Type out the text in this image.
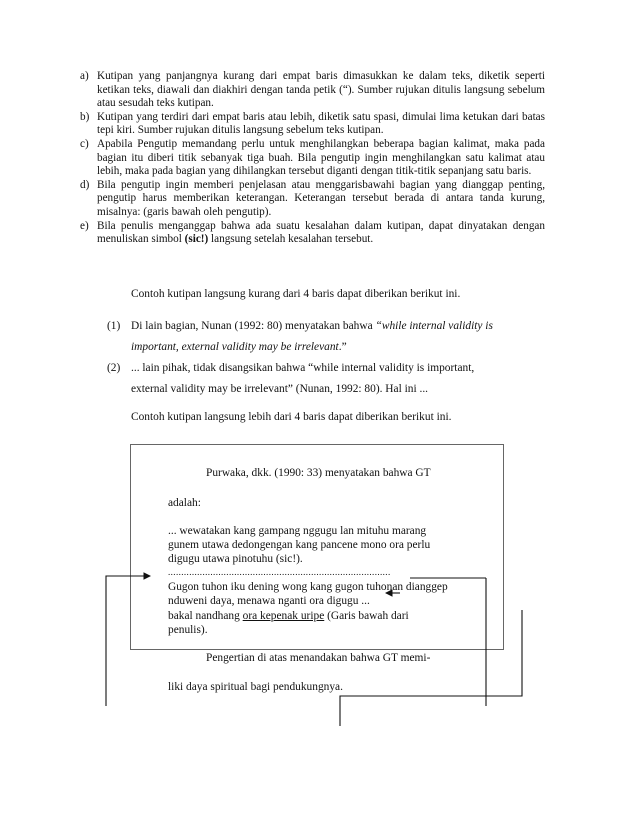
a) Kutipan yang panjangnya kurang dari empat baris dimasukkan ke dalam teks, diketik seperti ketikan teks, diawali dan diakhiri dengan tanda petik (“). Sumber rujukan ditulis langsung sebelum atau sesudah teks kutipan.

b) Kutipan yang terdiri dari empat baris atau lebih, diketik satu spasi, dimulai lima ketukan dari batas tepi kiri. Sumber rujukan ditulis langsung sebelum teks kutipan.

c) Apabila Pengutip memandang perlu untuk menghilangkan beberapa bagian kalimat, maka pada bagian itu diberi titik sebanyak tiga buah. Bila pengutip ingin menghilangkan satu kalimat atau lebih, maka pada bagian yang dihilangkan tersebut diganti dengan titik-titik sepanjang satu baris.

d) Bila pengutip ingin memberi penjelasan atau menggarisbawahi bagian yang dianggap penting, pengutip harus memberikan keterangan. Keterangan tersebut berada di antara tanda kurung, misalnya: (garis bawah oleh pengutip).

e) Bila penulis menganggap bahwa ada suatu kesalahan dalam kutipan, dapat dinyatakan dengan menuliskan simbol (sic!) langsung setelah kesalahan tersebut.

Contoh kutipan langsung kurang dari 4 baris dapat diberikan berikut ini.
(1) Di lain bagian, Nunan (1992: 80) menyatakan bahwa “while internal validity is
important, external validity may be irrelevant.”
(2) ... lain pihak, tidak disangsikan bahwa “while internal validity is important,
external validity may be irrelevant” (Nunan, 1992: 80). Hal ini ...
Contoh kutipan langsung lebih dari 4 baris dapat diberikan berikut ini.
Purwaka, dkk. (1990: 33) menyatakan bahwa GT
adalah:
... wewatakan kang gampang nggugu lan mituhu marang
gunem utawa dedongengan kang pancene mono ora perlu
digugu utawa pinotuhu (sic!).
....................................................................................
Gugon tuhon iku dening wong kang gugon tuhonan dianggep
nduweni daya, menawa nganti ora digugu ...
bakal nandhang ora kepenak uripe (Garis bawah dari
penulis).
Pengertian di atas menandakan bahwa GT memi-
liki daya spiritual bagi pendukungnya.
